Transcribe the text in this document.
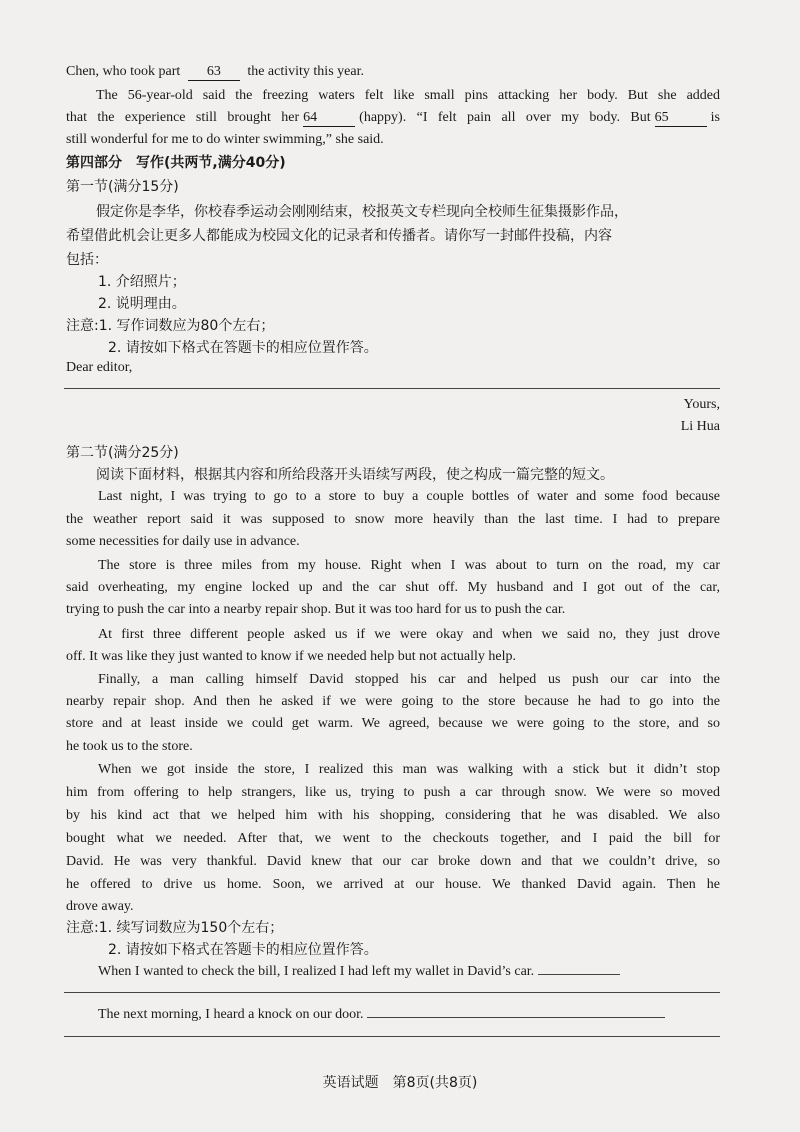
Chen, who took part 63 the activity this year.
The 56-year-old said the freezing waters felt like small pins attacking her body. But she added
that the experience still brought her 64	(happy). “I felt pain all over my body. But 65	is
still wonderful for me to do winter swimming,” she said.
第四部分　写作(共两节,满分40分)
第一节(满分15分)
假定你是李华，你校春季运动会刚刚结束，校报英文专栏现向全校师生征集摄影作品，
希望借此机会让更多人都能成为校园文化的记录者和传播者。请你写一封邮件投稿，内容
包括：
1. 介绍照片；
2. 说明理由。
注意:1. 写作词数应为80个左右；
2. 请按如下格式在答题卡的相应位置作答。
Dear editor,
Yours,
Li Hua
第二节(满分25分)
阅读下面材料，根据其内容和所给段落开头语续写两段，使之构成一篇完整的短文。
Last night, I was trying to go to a store to buy a couple bottles of water and some food because
the weather report said it was supposed to snow more heavily than the last time. I had to prepare
some necessities for daily use in advance.
The store is three miles from my house. Right when I was about to turn on the road, my car
said overheating, my engine locked up and the car shut off. My husband and I got out of the car,
trying to push the car into a nearby repair shop. But it was too hard for us to push the car.
At first three different people asked us if we were okay and when we said no, they just drove
off. It was like they just wanted to know if we needed help but not actually help.
Finally, a man calling himself David stopped his car and helped us push our car into the
nearby repair shop. And then he asked if we were going to the store because he had to go into the
store and at least inside we could get warm. We agreed, because we were going to the store, and so
he took us to the store.
When we got inside the store, I realized this man was walking with a stick but it didn’t stop
him from offering to help strangers, like us, trying to push a car through snow. We were so moved
by his kind act that we helped him with his shopping, considering that he was disabled. We also
bought what we needed. After that, we went to the checkouts together, and I paid the bill for
David. He was very thankful. David knew that our car broke down and that we couldn’t drive, so
he offered to drive us home. Soon, we arrived at our house. We thanked David again. Then he
drove away.
注意:1. 续写词数应为150个左右；
2. 请按如下格式在答题卡的相应位置作答。
When I wanted to check the bill, I realized I had left my wallet in David’s car.
The next morning, I heard a knock on our door.
英语试题　第8页(共8页)
